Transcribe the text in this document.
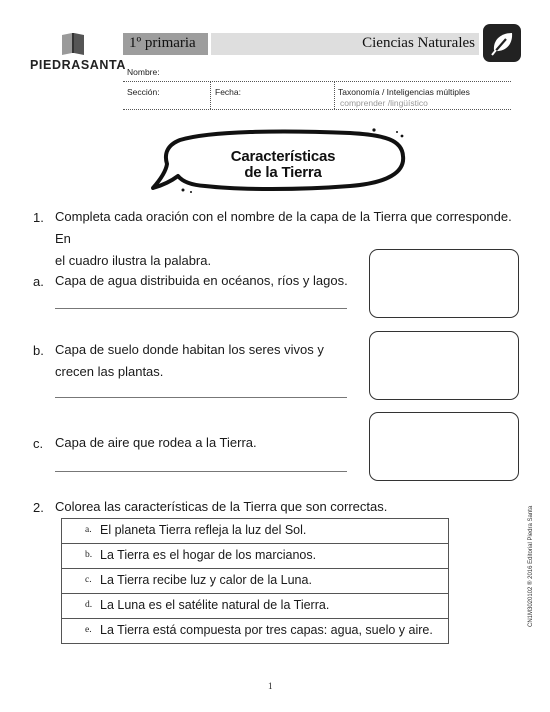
PIEDRASANTA
1º primaria	Ciencias Naturales
Nombre:
Sección:	Fecha:	Taxonomía / Inteligencias múltiples
comprender /lingüístico
Características
de la Tierra
1. Completa cada oración con el nombre de la capa de la Tierra que corresponde. En
el cuadro ilustra la palabra.
a. Capa de agua distribuida en océanos, ríos y lagos.
b. Capa de suelo donde habitan los seres vivos y
crecen las plantas.
c. Capa de aire que rodea a la Tierra.
2. Colorea las características de la Tierra que son correctas.
a. El planeta Tierra refleja la luz del Sol.
b. La Tierra es el hogar de los marcianos.
c. La Tierra recibe luz y calor de la Luna.
d. La Luna es el satélite natural de la Tierra.
e. La Tierra está compuesta por tres capas: agua, suelo y aire.
CN1M3020102 ® 2016 Editorial Piedra Santa
1
